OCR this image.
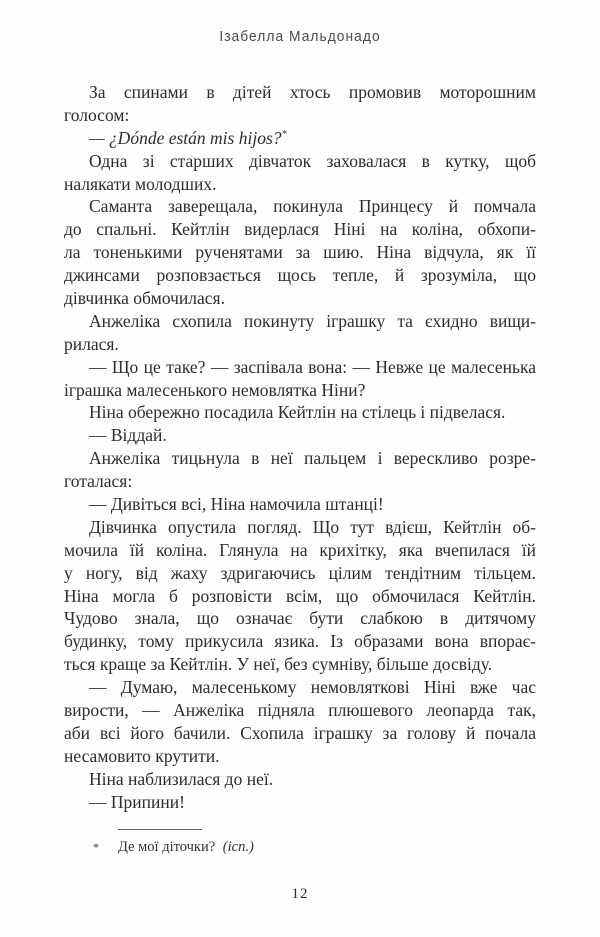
Ізабелла Мальдонадо
За спинами в дітей хтось промовив моторошним
голосом:
— ¿Dónde están mis hijos?*
Одна зі старших дівчаток заховалася в кутку, щоб
налякати молодших.
Саманта заверещала, покинула Принцесу й помчала
до спальні. Кейтлін видерлася Ніні на коліна, обхопи-
ла тоненькими рученятами за шию. Ніна відчула, як її
джинсами розповзається щось тепле, й зрозуміла, що
дівчинка обмочилася.
Анжеліка схопила покинуту іграшку та єхидно вищи-
рилася.
— Що це таке? — заспівала вона: — Невже це малесенька
іграшка малесенького немовлятка Ніни?
Ніна обережно посадила Кейтлін на стілець і підвелася.
— Віддай.
Анжеліка тицьнула в неї пальцем і верескливо розре-
готалася:
— Дивіться всі, Ніна намочила штанці!
Дівчинка опустила погляд. Що тут вдієш, Кейтлін об-
мочила їй коліна. Глянула на крихітку, яка вчепилася їй
у ногу, від жаху здригаючись цілим тендітним тільцем.
Ніна могла б розповісти всім, що обмочилася Кейтлін.
Чудово знала, що означає бути слабкою в дитячому
будинку, тому прикусила язика. Із образами вона впорає-
ться краще за Кейтлін. У неї, без сумніву, більше досвіду.
— Думаю, малесенькому немовляткові Ніні вже час
вирости, — Анжеліка підняла плюшевого леопарда так,
аби всі його бачили. Схопила іграшку за голову й почала
несамовито крутити.
Ніна наблизилася до неї.
— Припини!
* Де мої діточки? (ісп.)
12
